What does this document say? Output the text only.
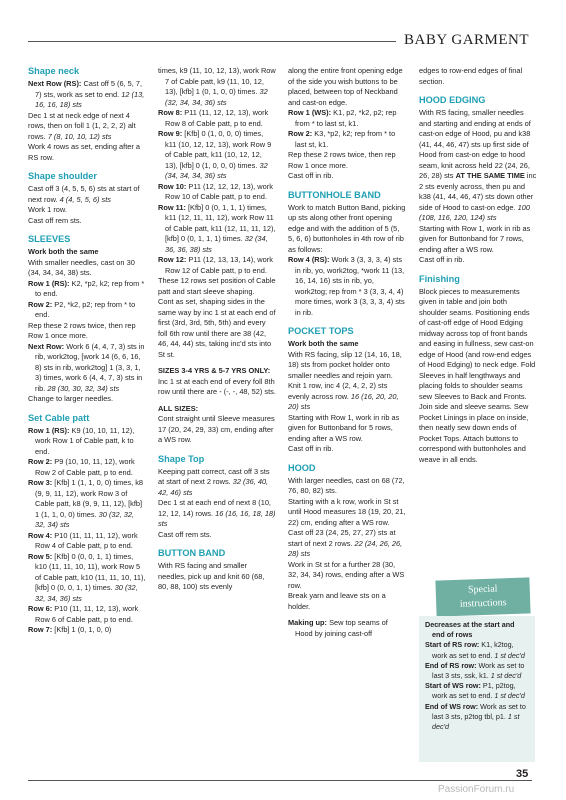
BABY GARMENT

Shape neck

Next Row (RS): Cast off 5 (6, 5, 7, 7) sts, work as set to end. 12 (13, 16, 16, 18) sts

Dec 1 st at neck edge of next 4 rows, then on foll 1 (1, 2, 2, 2) alt rows. 7 (8, 10, 10, 12) sts

Work 4 rows as set, ending after a RS row.

Shape shoulder

Cast off 3 (4, 5, 5, 6) sts at start of next row. 4 (4, 5, 5, 6) sts

Work 1 row.

Cast off rem sts.

SLEEVES

Work both the same

With smaller needles, cast on 30 (34, 34, 34, 38) sts.

Row 1 (RS): K2, *p2, k2; rep from * to end.

Row 2: P2, *k2, p2; rep from * to end.

Rep these 2 rows twice, then rep Row 1 once more.

Next Row: Work 6 (4, 4, 7, 3) sts in rib, work2tog, [work 14 (6, 6, 16, 8) sts in rib, work2tog] 1 (3, 3, 1, 3) times, work 6 (4, 4, 7, 3) sts in rib. 28 (30, 30, 32, 34) sts

Change to larger needles.

Set Cable patt

Row 1 (RS): K9 (10, 10, 11, 12), work Row 1 of Cable patt, k to end.

Row 2: P9 (10, 10, 11, 12), work Row 2 of Cable patt, p to end.

Row 3: [Kfb] 1 (1, 1, 0, 0) times, k8 (9, 9, 11, 12), work Row 3 of Cable patt, k8 (9, 9, 11, 12), [kfb] 1 (1, 1, 0, 0) times. 30 (32, 32, 32, 34) sts

Row 4: P10 (11, 11, 11, 12), work Row 4 of Cable patt, p to end.

Row 5: [Kfb] 0 (0, 0, 1, 1) times, k10 (11, 11, 10, 11), work Row 5 of Cable patt, k10 (11, 11, 10, 11), [kfb] 0 (0, 0, 1, 1) times. 30 (32, 32, 34, 36) sts

Row 6: P10 (11, 11, 12, 13), work Row 6 of Cable patt, p to end.

Row 7: [Kfb] 1 (0, 1, 0, 0)

times, k9 (11, 10, 12, 13), work Row 7 of Cable patt, k9 (11, 10, 12, 13), [kfb] 1 (0, 1, 0, 0) times. 32 (32, 34, 34, 36) sts

Row 8: P11 (11, 12, 12, 13), work Row 8 of Cable patt, p to end.

Row 9: [Kfb] 0 (1, 0, 0, 0) times, k11 (10, 12, 12, 13), work Row 9 of Cable patt, k11 (10, 12, 12, 13), [kfb] 0 (1, 0, 0, 0) times. 32 (34, 34, 34, 36) sts

Row 10: P11 (12, 12, 12, 13), work Row 10 of Cable patt, p to end.

Row 11: [Kfb] 0 (0, 1, 1, 1) times, k11 (12, 11, 11, 12), work Row 11 of Cable patt, k11 (12, 11, 11, 12), [kfb] 0 (0, 1, 1, 1) times. 32 (34, 36, 36, 38) sts

Row 12: P11 (12, 13, 13, 14), work Row 12 of Cable patt, p to end.

These 12 rows set position of Cable patt and start sleeve shaping.

Cont as set, shaping sides in the same way by inc 1 st at each end of first (3rd, 3rd, 5th, 5th) and every foll 6th row until there are 38 (42, 46, 44, 44) sts, taking inc'd sts into St st.

SIZES 3-4 YRS & 5-7 YRS ONLY:

Inc 1 st at each end of every foll 8th row until there are - (-, -, 48, 52) sts.

ALL SIZES:

Cont straight until Sleeve measures 17 (20, 24, 29, 33) cm, ending after a WS row.

Shape Top

Keeping patt correct, cast off 3 sts at start of next 2 rows. 32 (36, 40, 42, 46) sts

Dec 1 st at each end of next 8 (10, 12, 12, 14) rows. 16 (16, 16, 18, 18) sts

Cast off rem sts.

BUTTON BAND

With RS facing and smaller needles, pick up and knit 60 (68, 80, 88, 100) sts evenly

along the entire front opening edge of the side you wish buttons to be placed, between top of Neckband and cast-on edge.

Row 1 (WS): K1, p2, *k2, p2; rep from * to last st, k1.

Row 2: K3, *p2, k2; rep from * to last st, k1.

Rep these 2 rows twice, then rep Row 1 once more.

Cast off in rib.

BUTTONHOLE BAND

Work to match Button Band, picking up sts along other front opening edge and with the addition of 5 (5, 5, 6, 6) buttonholes in 4th row of rib as follows:

Row 4 (RS): Work 3 (3, 3, 3, 4) sts in rib, yo, work2tog, *work 11 (13, 16, 14, 16) sts in rib, yo, work2tog; rep from * 3 (3, 3, 4, 4) more times, work 3 (3, 3, 3, 4) sts in rib.

POCKET TOPS

Work both the same

With RS facing, slip 12 (14, 16, 18, 18) sts from pocket holder onto smaller needles and rejoin yarn.

Knit 1 row, inc 4 (2, 4, 2, 2) sts evenly across row. 16 (16, 20, 20, 20) sts

Starting with Row 1, work in rib as given for Buttonband for 5 rows, ending after a WS row.

Cast off in rib.

HOOD

With larger needles, cast on 68 (72, 76, 80, 82) sts.

Starting with a k row, work in St st until Hood measures 18 (19, 20, 21, 22) cm, ending after a WS row.

Cast off 23 (24, 25, 27, 27) sts at start of next 2 rows. 22 (24, 26, 26, 28) sts

Work in St st for a further 28 (30, 32, 34, 34) rows, ending after a WS row.

Break yarn and leave sts on a holder.

Making up: Sew top seams of Hood by joining cast-off

edges to row-end edges of final section.

HOOD EDGING

With RS facing, smaller needles and starting and ending at ends of cast-on edge of Hood, pu and k38 (41, 44, 46, 47) sts up first side of Hood from cast-on edge to hood seam, knit across held 22 (24, 26, 26, 28) sts AT THE SAME TIME inc 2 sts evenly across, then pu and k38 (41, 44, 46, 47) sts down other side of Hood to cast-on edge. 100 (108, 116, 120, 124) sts

Starting with Row 1, work in rib as given for Buttonband for 7 rows, ending after a WS row.

Cast off in rib.

Finishing

Block pieces to measurements given in table and join both shoulder seams. Positioning ends of cast-off edge of Hood Edging midway across top of front bands and easing in fullness, sew cast-on edge of Hood (and row-end edges of Hood Edging) to neck edge. Fold Sleeves in half lengthways and placing folds to shoulder seams sew Sleeves to Back and Fronts. Join side and sleeve seams. Sew Pocket Linings in place on inside, then neatly sew down ends of Pocket Tops. Attach buttons to correspond with buttonholes and weave in all ends.

Special
instructions

Decreases at the start and end of rows

Start of RS row: K1, k2tog, work as set to end. 1 st dec'd

End of RS row: Work as set to last 3 sts, ssk, k1. 1 st dec'd

Start of WS row: P1, p2tog, work as set to end. 1 st dec'd

End of WS row: Work as set to last 3 sts, p2tog tbl, p1. 1 st dec'd

35
PassionForum.ru
